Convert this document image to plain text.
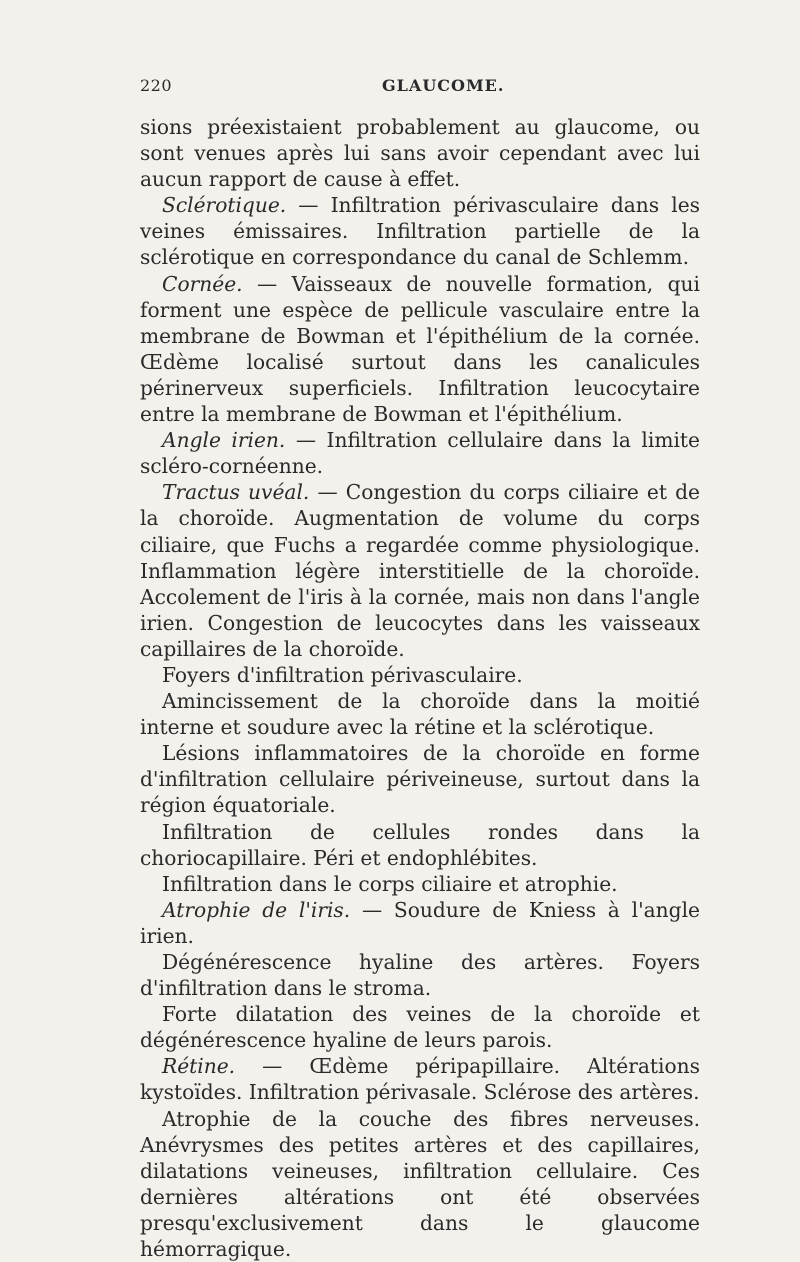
220	GLAUCOME.

sions préexistaient probablement au glaucome, ou sont venues après lui sans avoir cependant avec lui aucun rapport de cause à effet.

Sclérotique. — Infiltration périvasculaire dans les veines émissaires. Infiltration partielle de la sclérotique en correspondance du canal de Schlemm.

Cornée. — Vaisseaux de nouvelle formation, qui forment une espèce de pellicule vasculaire entre la membrane de Bowman et l'épithélium de la cornée. Œdème localisé surtout dans les canalicules périnerveux superficiels. Infiltration leucocytaire entre la membrane de Bowman et l'épithélium.

Angle irien. — Infiltration cellulaire dans la limite scléro-cornéenne.

Tractus uvéal. — Congestion du corps ciliaire et de la choroïde. Augmentation de volume du corps ciliaire, que Fuchs a regardée comme physiologique. Inflammation légère interstitielle de la choroïde. Accolement de l'iris à la cornée, mais non dans l'angle irien. Congestion de leucocytes dans les vaisseaux capillaires de la choroïde.

Foyers d'infiltration périvasculaire.

Amincissement de la choroïde dans la moitié interne et soudure avec la rétine et la sclérotique.

Lésions inflammatoires de la choroïde en forme d'infiltration cellulaire périveineuse, surtout dans la région équatoriale.

Infiltration de cellules rondes dans la choriocapillaire. Péri et endophlébites.

Infiltration dans le corps ciliaire et atrophie.

Atrophie de l'iris. — Soudure de Kniess à l'angle irien.

Dégénérescence hyaline des artères. Foyers d'infiltration dans le stroma.

Forte dilatation des veines de la choroïde et dégénérescence hyaline de leurs parois.

Rétine. — Œdème péripapillaire. Altérations kystoïdes. Infiltration périvasale. Sclérose des artères.

Atrophie de la couche des fibres nerveuses. Anévrysmes des petites artères et des capillaires, dilatations veineuses, infiltration cellulaire. Ces dernières altérations ont été observées presqu'exclusivement dans le glaucome hémorragique.
